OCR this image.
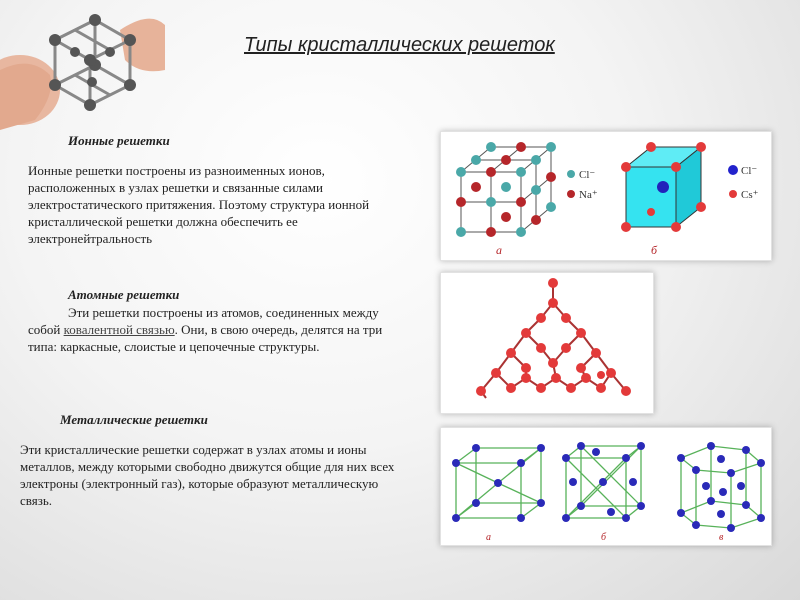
Типы кристаллических решеток
Ионные решетки
Ионные решетки построены из разноименных ионов, расположенных в узлах решетки и связанные силами электростатического притяжения. Поэтому структура ионной кристаллической решетки должна обеспечить ее электронейтральность
Cl⁻
Na⁺
а
Cl⁻
Cs⁺
б
Атомные решетки
Эти решетки построены из атомов, соединенных между собой ковалентной связью. Они, в свою очередь, делятся на три типа: каркасные, слоистые и цепочечные структуры.
Металлические решетки
Эти кристаллические решетки содержат в узлах атомы и ионы металлов, между которыми свободно движутся общие для них всех электроны (электронный газ), которые образуют металлическую связь.
а	б	в
